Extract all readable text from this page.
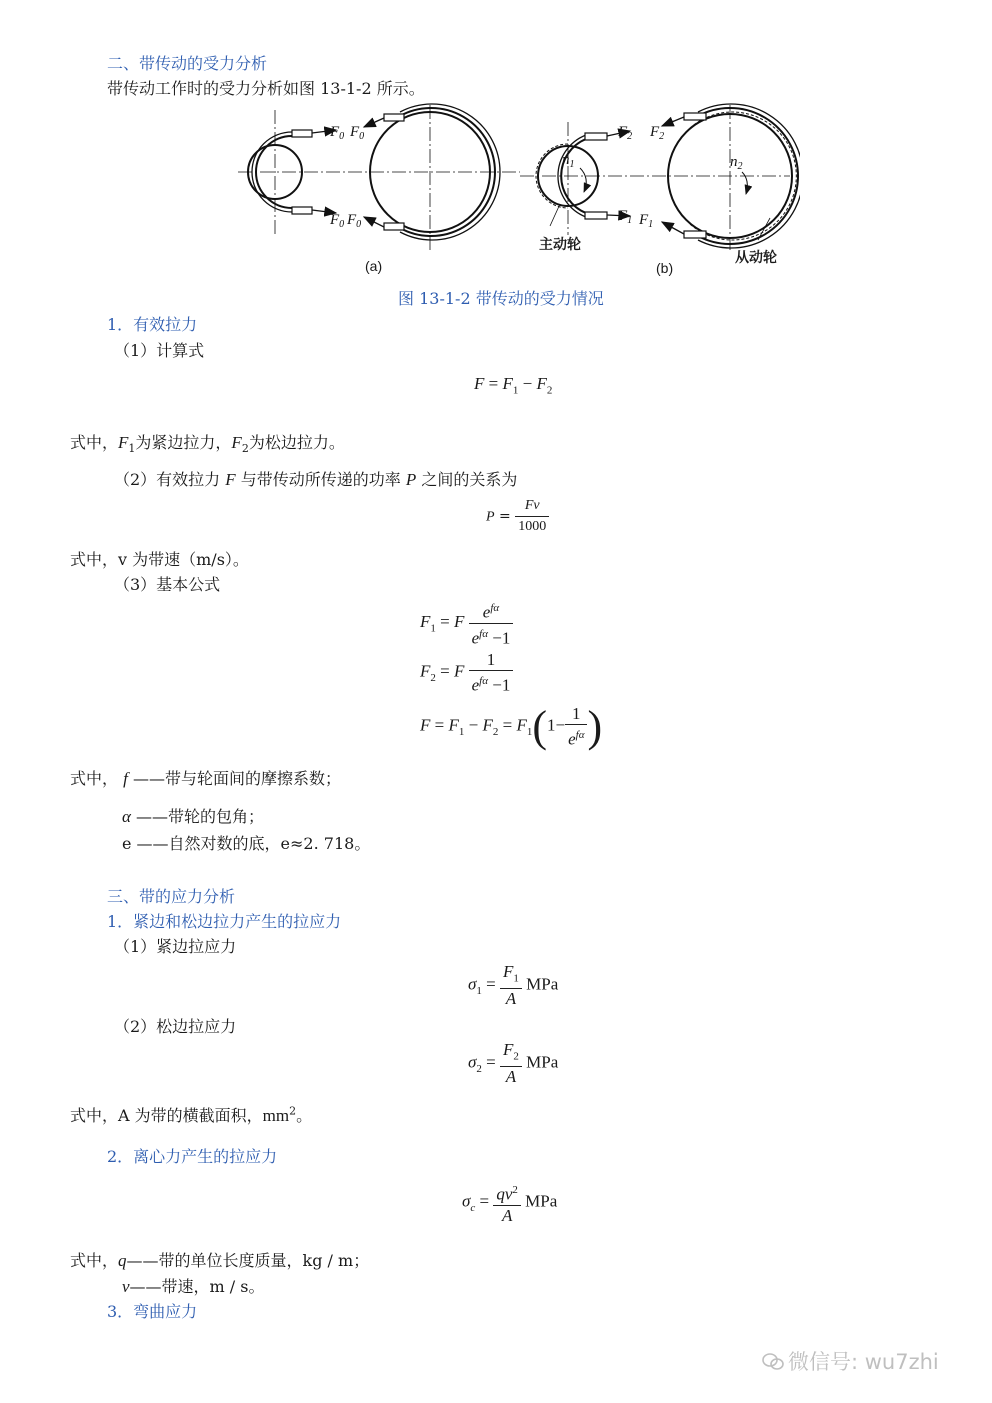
二、带传动的受力分析
带传动工作时的受力分析如图 13-1-2 所示。
$F_0$ $F_0$
$F_0$ $F_0$
$F_2$ $F_2$
$F_1$ $F_1$
$n_1$	$n_2$
(a)	(b)
主动轮
从动轮
图 13-1-2 带传动的受力情况
1．有效拉力
（1）计算式
$F = F_1 - F_2$
式中，$F_1$为紧边拉力，$F_2$为松边拉力。
（2）有效拉力 F 与带传动所传递的功率 P 之间的关系为
$P = \frac{Fv}{1000}$
式中，v 为带速（m/s）。
（3）基本公式
$F_1 = F \frac{e^{f\alpha}}{e^{f\alpha} -1}$
$F_2 = F \frac{1}{e^{f\alpha} -1}$
$F = F_1 - F_2 = F_1(1- \frac{1}{e^{f\alpha}}$ )
式中， f ——带与轮面间的摩擦系数；
α ——带轮的包角；
e ——自然对数的底，e≈2. 718。
三、带的应力分析
1．紧边和松边拉力产生的拉应力
（1）紧边拉应力
$\sigma_1 = \frac{F_1}{A}$ MPa
（2）松边拉应力
$\sigma_2 = \frac{F_2}{A}$ MPa
式中，A 为带的横截面积，$mm^2$。
2．离心力产生的拉应力
$\sigma_c = \frac{qv^2}{A}$ MPa
式中，q——带的单位长度质量，kg / m；
v——带速，m / s。
3．弯曲应力
微信号: wu7zhi
